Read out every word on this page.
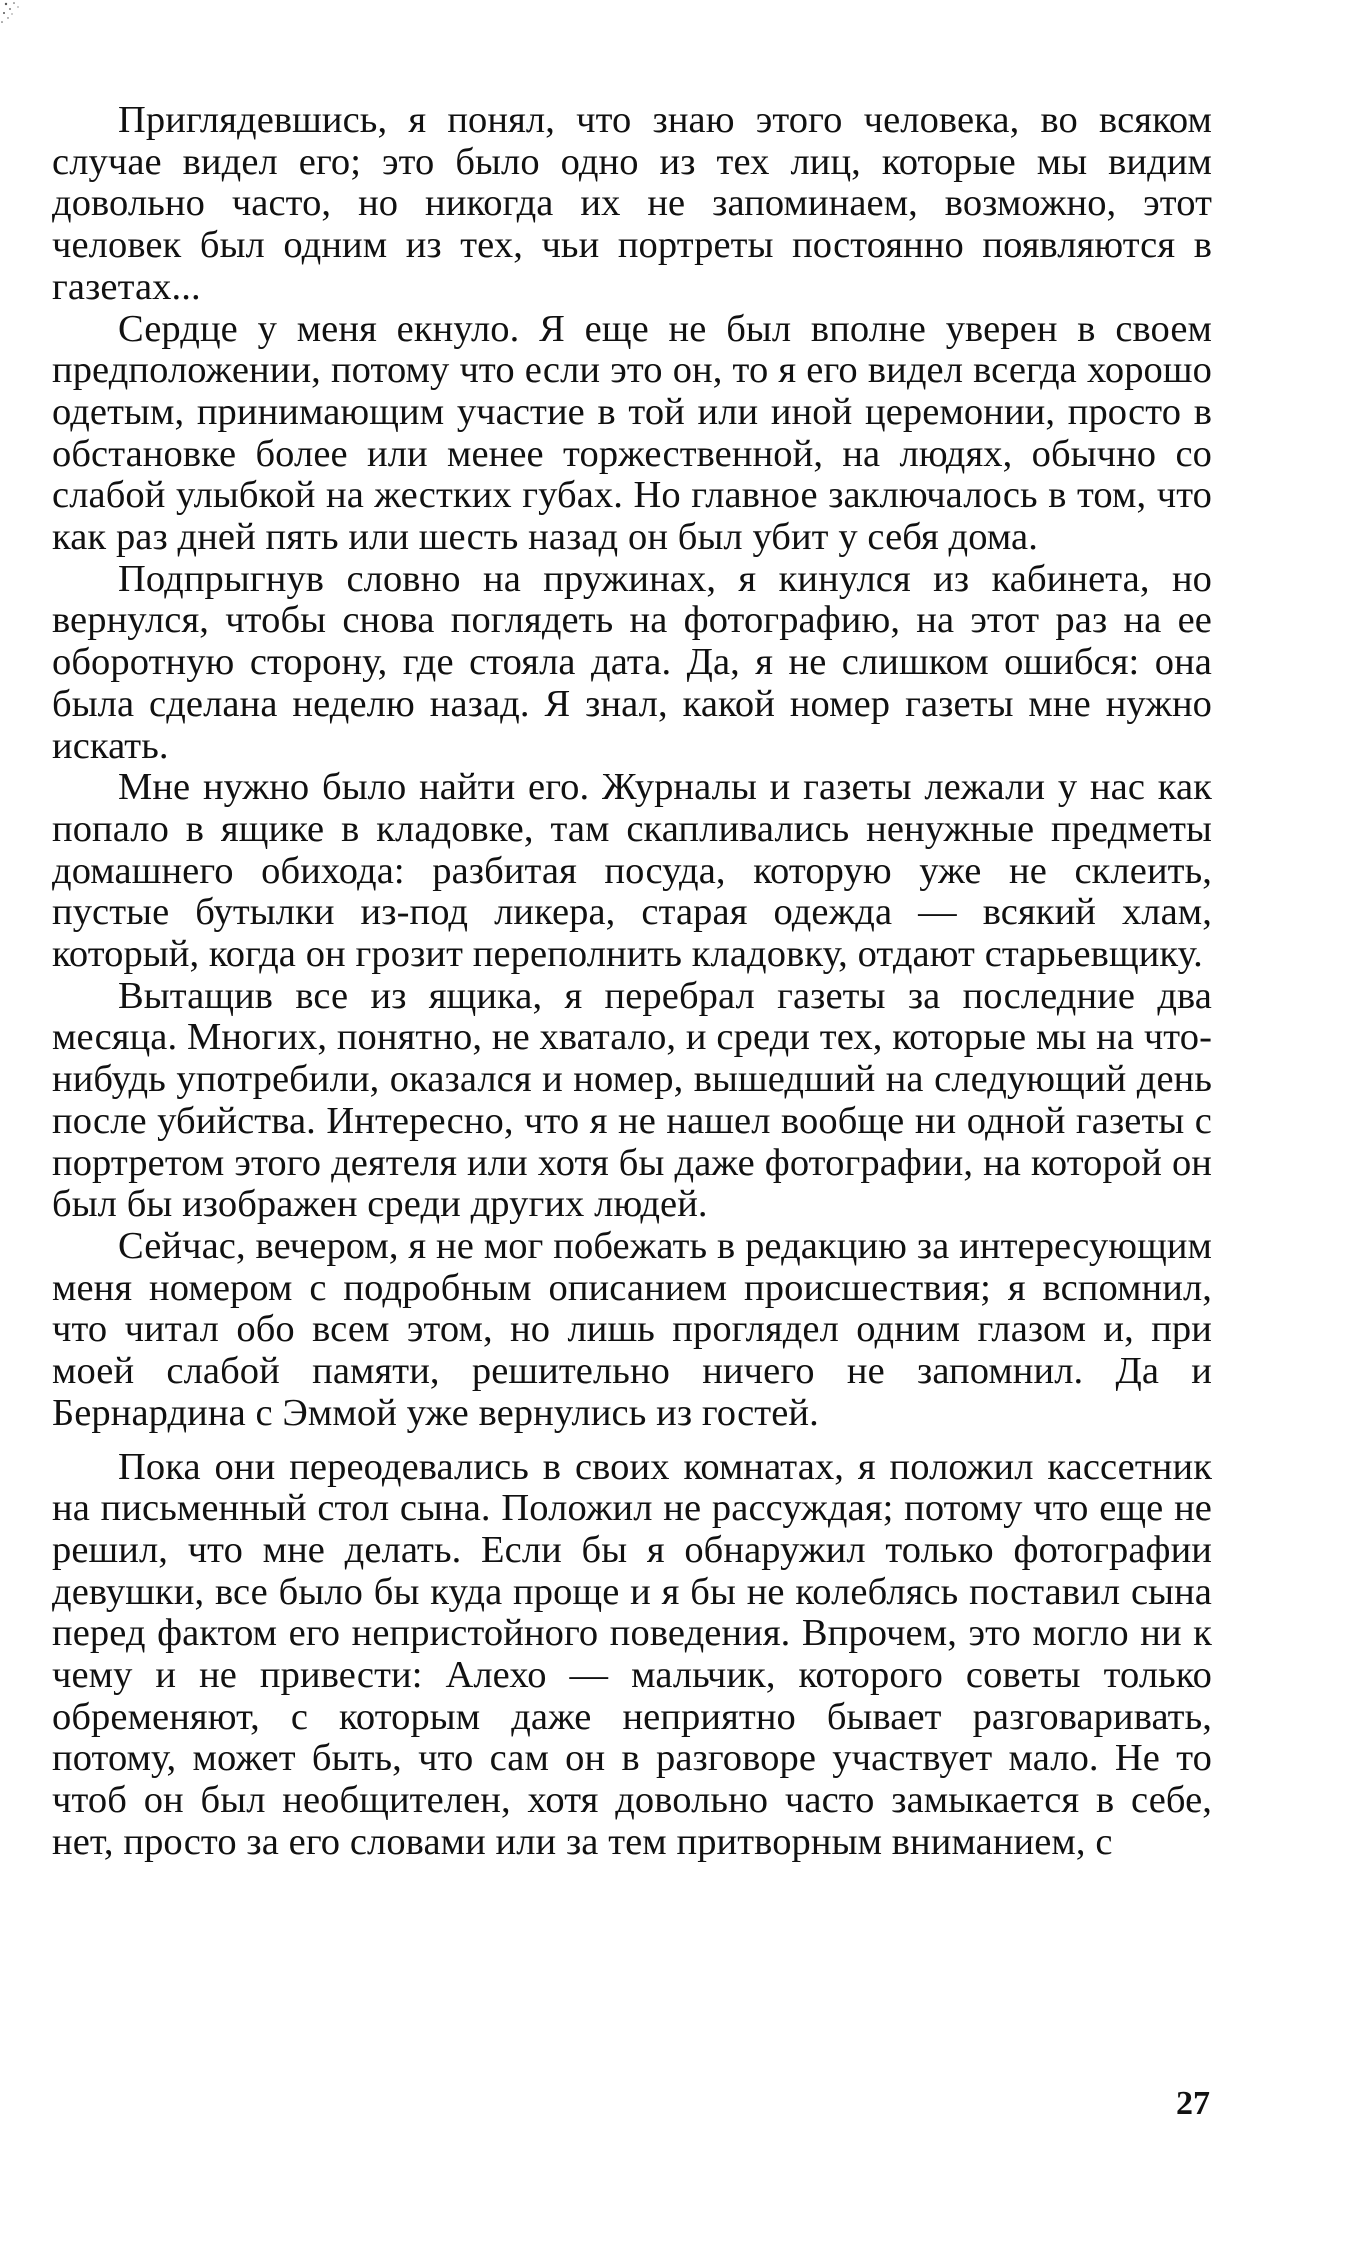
Приглядевшись, я понял, что знаю этого человека, во всяком случае видел его; это было одно из тех лиц, которые мы видим довольно часто, но никогда их не запоминаем, возможно, этот человек был одним из тех, чьи портреты постоянно появляются в газетах...

Сердце у меня екнуло. Я еще не был вполне уверен в своем предположении, потому что если это он, то я его видел всегда хорошо одетым, принимающим участие в той или иной церемонии, просто в обстановке более или менее торжественной, на людях, обычно со слабой улыбкой на жестких губах. Но главное заключалось в том, что как раз дней пять или шесть назад он был убит у себя дома.

Подпрыгнув словно на пружинах, я кинулся из кабинета, но вернулся, чтобы снова поглядеть на фотографию, на этот раз на ее оборотную сторону, где стояла дата. Да, я не слишком ошибся: она была сделана неделю назад. Я знал, какой номер газеты мне нужно искать.

Мне нужно было найти его. Журналы и газеты лежали у нас как попало в ящике в кладовке, там скапливались ненужные предметы домашнего обихода: разбитая посуда, которую уже не склеить, пустые бутылки из-под ликера, старая одежда — всякий хлам, который, когда он грозит переполнить кладовку, отдают старьевщику.

Вытащив все из ящика, я перебрал газеты за последние два месяца. Многих, понятно, не хватало, и среди тех, которые мы на что-нибудь употребили, оказался и номер, вышедший на следующий день после убийства. Интересно, что я не нашел вообще ни одной газеты с портретом этого деятеля или хотя бы даже фотографии, на которой он был бы изображен среди других людей.

Сейчас, вечером, я не мог побежать в редакцию за интересующим меня номером с подробным описанием происшествия; я вспомнил, что читал обо всем этом, но лишь проглядел одним глазом и, при моей слабой памяти, решительно ничего не запомнил. Да и Бернардина с Эммой уже вернулись из гостей.

Пока они переодевались в своих комнатах, я положил кассетник на письменный стол сына. Положил не рассуждая; потому что еще не решил, что мне делать. Если бы я обнаружил только фотографии девушки, все было бы куда проще и я бы не колеблясь поставил сына перед фактом его непристойного поведения. Впрочем, это могло ни к чему и не привести: Алехо — мальчик, которого советы только обременяют, с которым даже неприятно бывает разговаривать, потому, может быть, что сам он в разговоре участвует мало. Не то чтоб он был необщителен, хотя довольно часто замыкается в себе, нет, просто за его словами или за тем притворным вниманием, с

27
